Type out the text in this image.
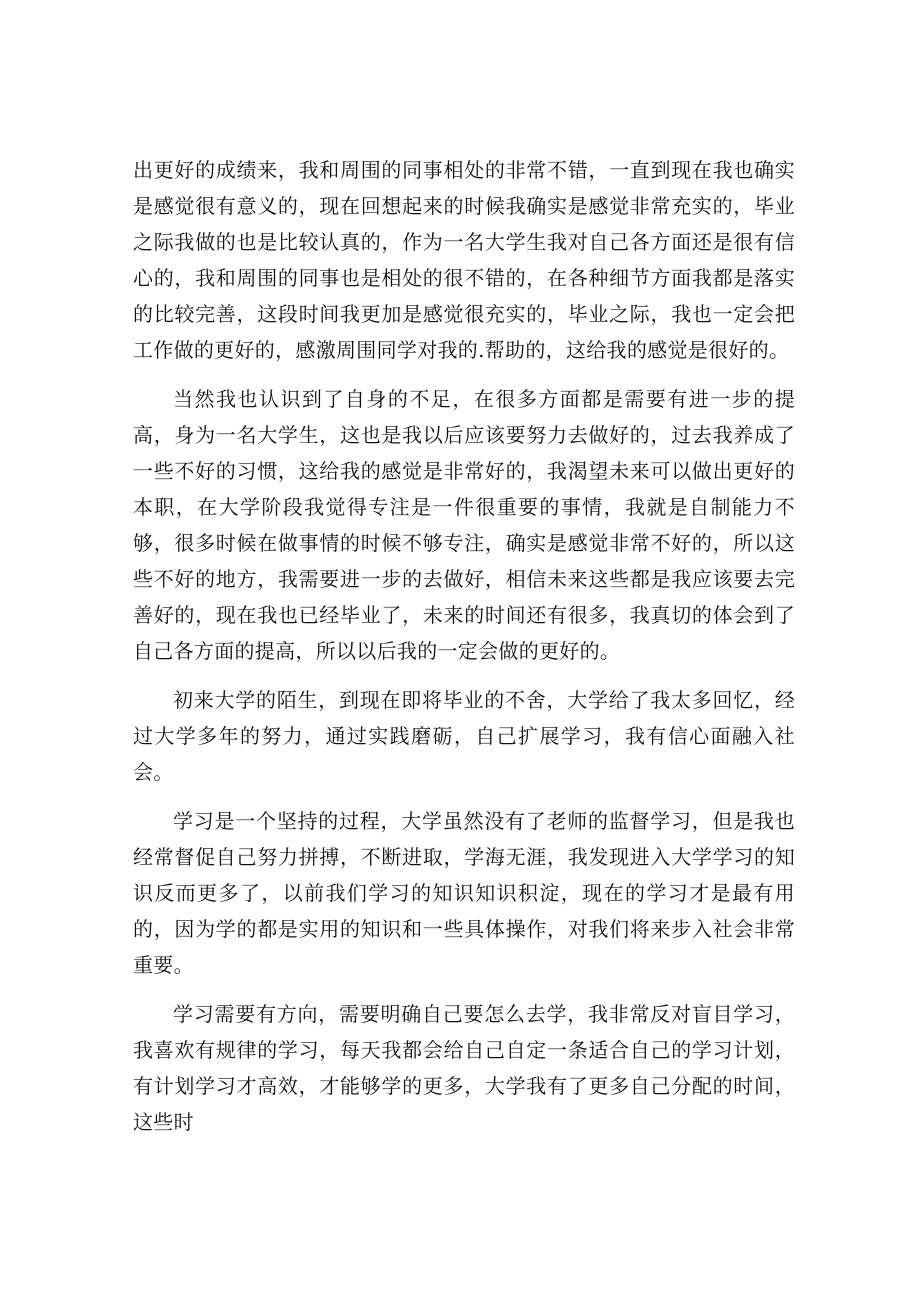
出更好的成绩来，我和周围的同事相处的非常不错，一直到现在我也确实是感觉很有意义的，现在回想起来的时候我确实是感觉非常充实的，毕业之际我做的也是比较认真的，作为一名大学生我对自己各方面还是很有信心的，我和周围的同事也是相处的很不错的，在各种细节方面我都是落实的比较完善，这段时间我更加是感觉很充实的，毕业之际，我也一定会把工作做的更好的，感激周围同学对我的.帮助的，这给我的感觉是很好的。

当然我也认识到了自身的不足，在很多方面都是需要有进一步的提高，身为一名大学生，这也是我以后应该要努力去做好的，过去我养成了一些不好的习惯，这给我的感觉是非常好的，我渴望未来可以做出更好的本职，在大学阶段我觉得专注是一件很重要的事情，我就是自制能力不够，很多时候在做事情的时候不够专注，确实是感觉非常不好的，所以这些不好的地方，我需要进一步的去做好，相信未来这些都是我应该要去完善好的，现在我也已经毕业了，未来的时间还有很多，我真切的体会到了自己各方面的提高，所以以后我的一定会做的更好的。

初来大学的陌生，到现在即将毕业的不舍，大学给了我太多回忆，经过大学多年的努力，通过实践磨砺，自己扩展学习，我有信心面融入社会。

学习是一个坚持的过程，大学虽然没有了老师的监督学习，但是我也经常督促自己努力拼搏，不断进取，学海无涯，我发现进入大学学习的知识反而更多了，以前我们学习的知识知识积淀，现在的学习才是最有用的，因为学的都是实用的知识和一些具体操作，对我们将来步入社会非常重要。

学习需要有方向，需要明确自己要怎么去学，我非常反对盲目学习，我喜欢有规律的学习，每天我都会给自己自定一条适合自己的学习计划，有计划学习才高效，才能够学的更多，大学我有了更多自己分配的时间，这些时
